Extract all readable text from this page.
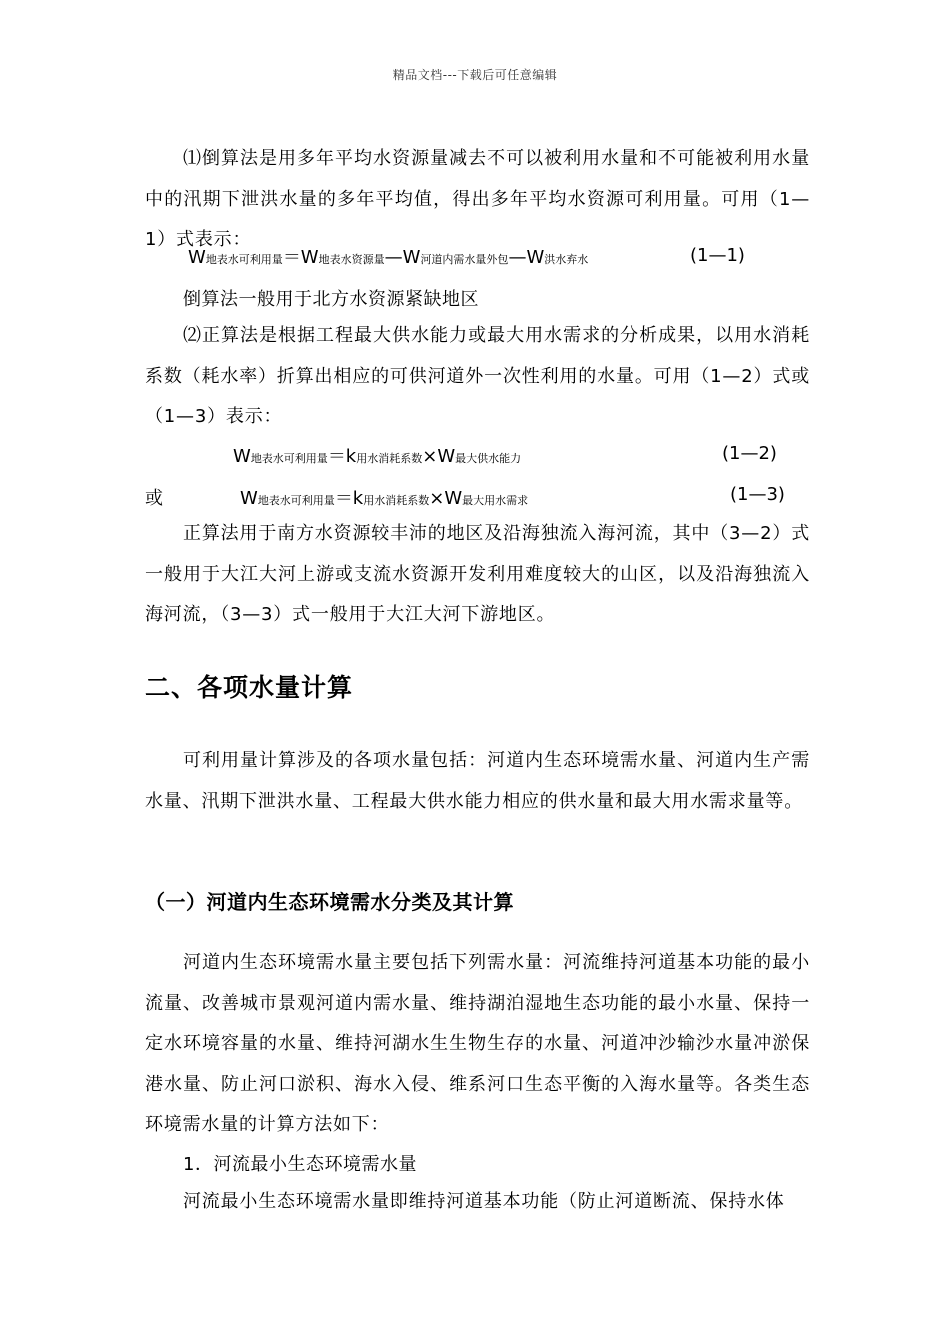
精品文档---下载后可任意编辑
⑴倒算法是用多年平均水资源量减去不可以被利用水量和不可能被利用水量中的汛期下泄洪水量的多年平均值，得出多年平均水资源可利用量。可用（1—1）式表示：
W地表水可利用量＝W地表水资源量—W河道内需水量外包—W洪水弃水	(1—1)
倒算法一般用于北方水资源紧缺地区
⑵正算法是根据工程最大供水能力或最大用水需求的分析成果，以用水消耗系数（耗水率）折算出相应的可供河道外一次性利用的水量。可用（1—2）式或（1—3）表示：
W地表水可利用量＝k用水消耗系数×W最大供水能力	(1—2)
或	W地表水可利用量＝k用水消耗系数×W最大用水需求	(1—3)
正算法用于南方水资源较丰沛的地区及沿海独流入海河流，其中（3—2）式一般用于大江大河上游或支流水资源开发利用难度较大的山区，以及沿海独流入海河流，（3—3）式一般用于大江大河下游地区。
二、各项水量计算
可利用量计算涉及的各项水量包括：河道内生态环境需水量、河道内生产需水量、汛期下泄洪水量、工程最大供水能力相应的供水量和最大用水需求量等。
（一）河道内生态环境需水分类及其计算
河道内生态环境需水量主要包括下列需水量：河流维持河道基本功能的最小流量、改善城市景观河道内需水量、维持湖泊湿地生态功能的最小水量、保持一定水环境容量的水量、维持河湖水生生物生存的水量、河道冲沙输沙水量冲淤保港水量、防止河口淤积、海水入侵、维系河口生态平衡的入海水量等。各类生态环境需水量的计算方法如下：
1．河流最小生态环境需水量
河流最小生态环境需水量即维持河道基本功能（防止河道断流、保持水体
